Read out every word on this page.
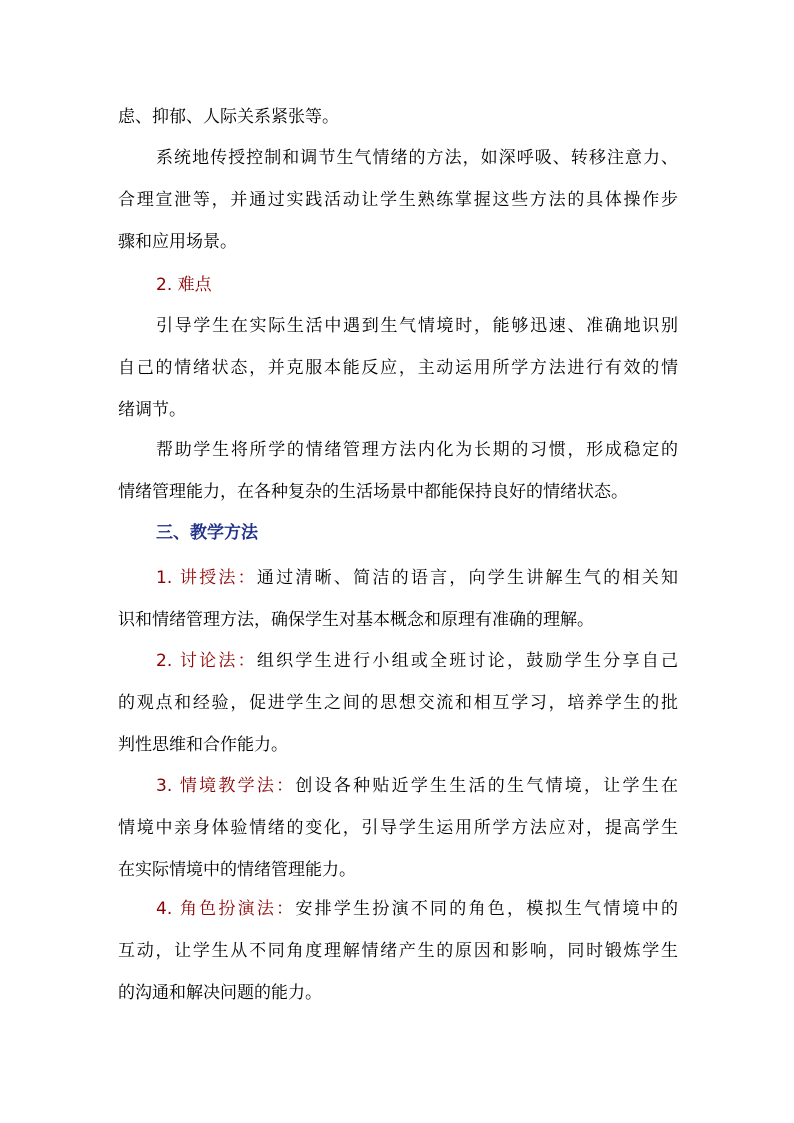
虑、抑郁、人际关系紧张等。
系统地传授控制和调节生气情绪的方法，如深呼吸、转移注意力、
合理宣泄等，并通过实践活动让学生熟练掌握这些方法的具体操作步
骤和应用场景。
2. 难点
引导学生在实际生活中遇到生气情境时，能够迅速、准确地识别
自己的情绪状态，并克服本能反应，主动运用所学方法进行有效的情
绪调节。
帮助学生将所学的情绪管理方法内化为长期的习惯，形成稳定的
情绪管理能力，在各种复杂的生活场景中都能保持良好的情绪状态。
三、教学方法
1. 讲授法：通过清晰、简洁的语言，向学生讲解生气的相关知
识和情绪管理方法，确保学生对基本概念和原理有准确的理解。
2. 讨论法：组织学生进行小组或全班讨论，鼓励学生分享自己
的观点和经验，促进学生之间的思想交流和相互学习，培养学生的批
判性思维和合作能力。
3. 情境教学法：创设各种贴近学生生活的生气情境，让学生在
情境中亲身体验情绪的变化，引导学生运用所学方法应对，提高学生
在实际情境中的情绪管理能力。
4. 角色扮演法：安排学生扮演不同的角色，模拟生气情境中的
互动，让学生从不同角度理解情绪产生的原因和影响，同时锻炼学生
的沟通和解决问题的能力。
